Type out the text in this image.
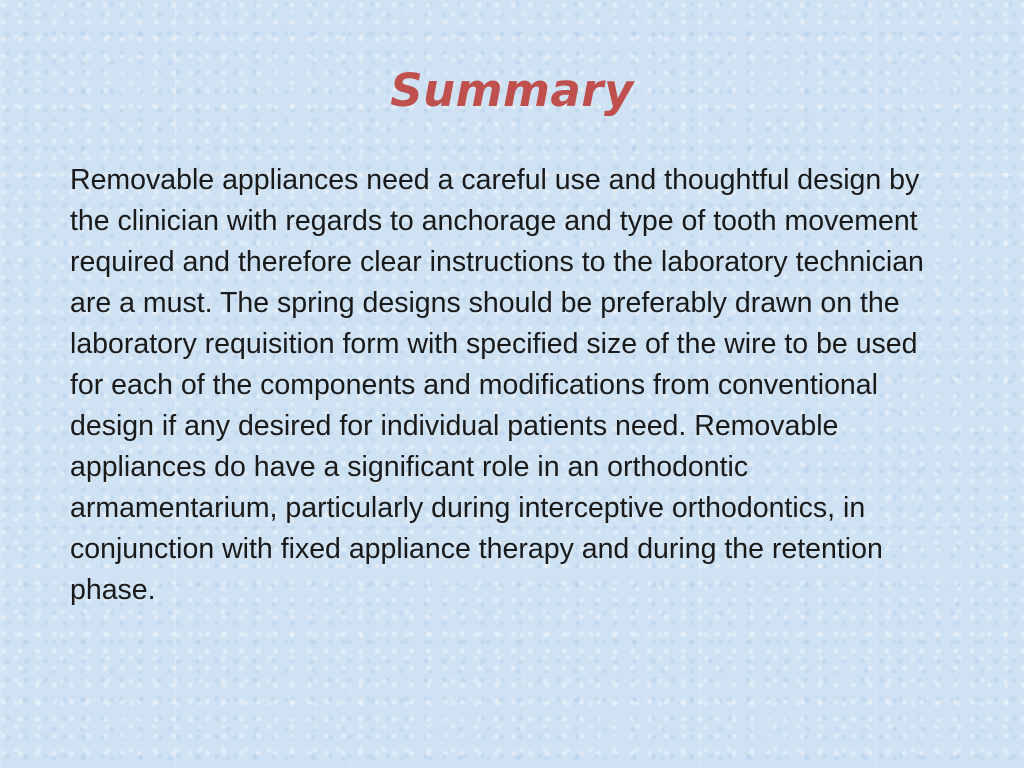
Summary

Removable appliances need a careful use and thoughtful design by the clinician with regards to anchorage and type of tooth movement required and therefore clear instructions to the laboratory technician are a must. The spring designs should be preferably drawn on the laboratory requisition form with specified size of the wire to be used for each of the components and modifications from conventional design if any desired for individual patients need. Removable appliances do have a significant role in an orthodontic armamentarium, particularly during interceptive orthodontics, in conjunction with fixed appliance therapy and during the retention phase.
